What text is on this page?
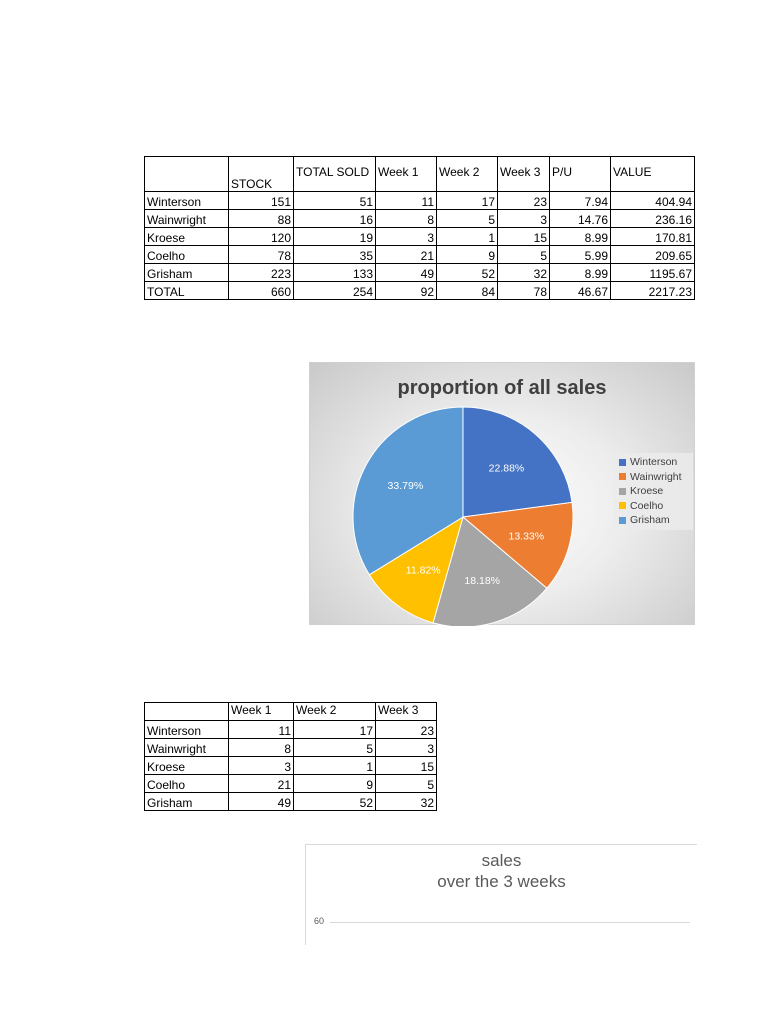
	STOCK	TOTAL SOLD	Week 1	Week 2	Week 3	P/U	VALUE
Winterson	151	51	11	17	23	7.94	404.94
Wainwright	88	16	8	5	3	14.76	236.16
Kroese	120	19	3	1	15	8.99	170.81
Coelho	78	35	21	9	5	5.99	209.65
Grisham	223	133	49	52	32	8.99	1195.67
TOTAL	660	254	92	84	78	46.67	2217.23
proportion of all sales
22.88%
13.33%
18.18%
11.82%
33.79%
Winterson
Wainwright
Kroese
Coelho
Grisham
	Week 1	Week 2	Week 3
Winterson	11	17	23
Wainwright	8	5	3
Kroese	3	1	15
Coelho	21	9	5
Grisham	49	52	32
sales
over the 3 weeks
60
